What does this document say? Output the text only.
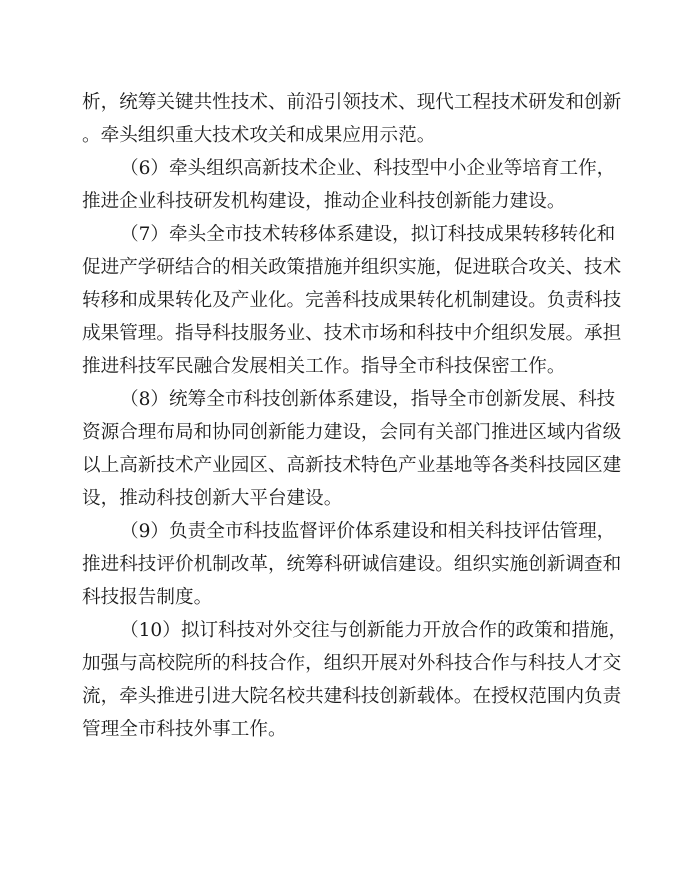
析，统筹关键共性技术、前沿引领技术、现代工程技术研发和创新
。牵头组织重大技术攻关和成果应用示范。
（6）牵头组织高新技术企业、科技型中小企业等培育工作，
推进企业科技研发机构建设，推动企业科技创新能力建设。
（7）牵头全市技术转移体系建设，拟订科技成果转移转化和
促进产学研结合的相关政策措施并组织实施，促进联合攻关、技术
转移和成果转化及产业化。完善科技成果转化机制建设。负责科技
成果管理。指导科技服务业、技术市场和科技中介组织发展。承担
推进科技军民融合发展相关工作。指导全市科技保密工作。
（8）统筹全市科技创新体系建设，指导全市创新发展、科技
资源合理布局和协同创新能力建设，会同有关部门推进区域内省级
以上高新技术产业园区、高新技术特色产业基地等各类科技园区建
设，推动科技创新大平台建设。
（9）负责全市科技监督评价体系建设和相关科技评估管理，
推进科技评价机制改革，统筹科研诚信建设。组织实施创新调查和
科技报告制度。
（10）拟订科技对外交往与创新能力开放合作的政策和措施，
加强与高校院所的科技合作，组织开展对外科技合作与科技人才交
流，牵头推进引进大院名校共建科技创新载体。在授权范围内负责
管理全市科技外事工作。
